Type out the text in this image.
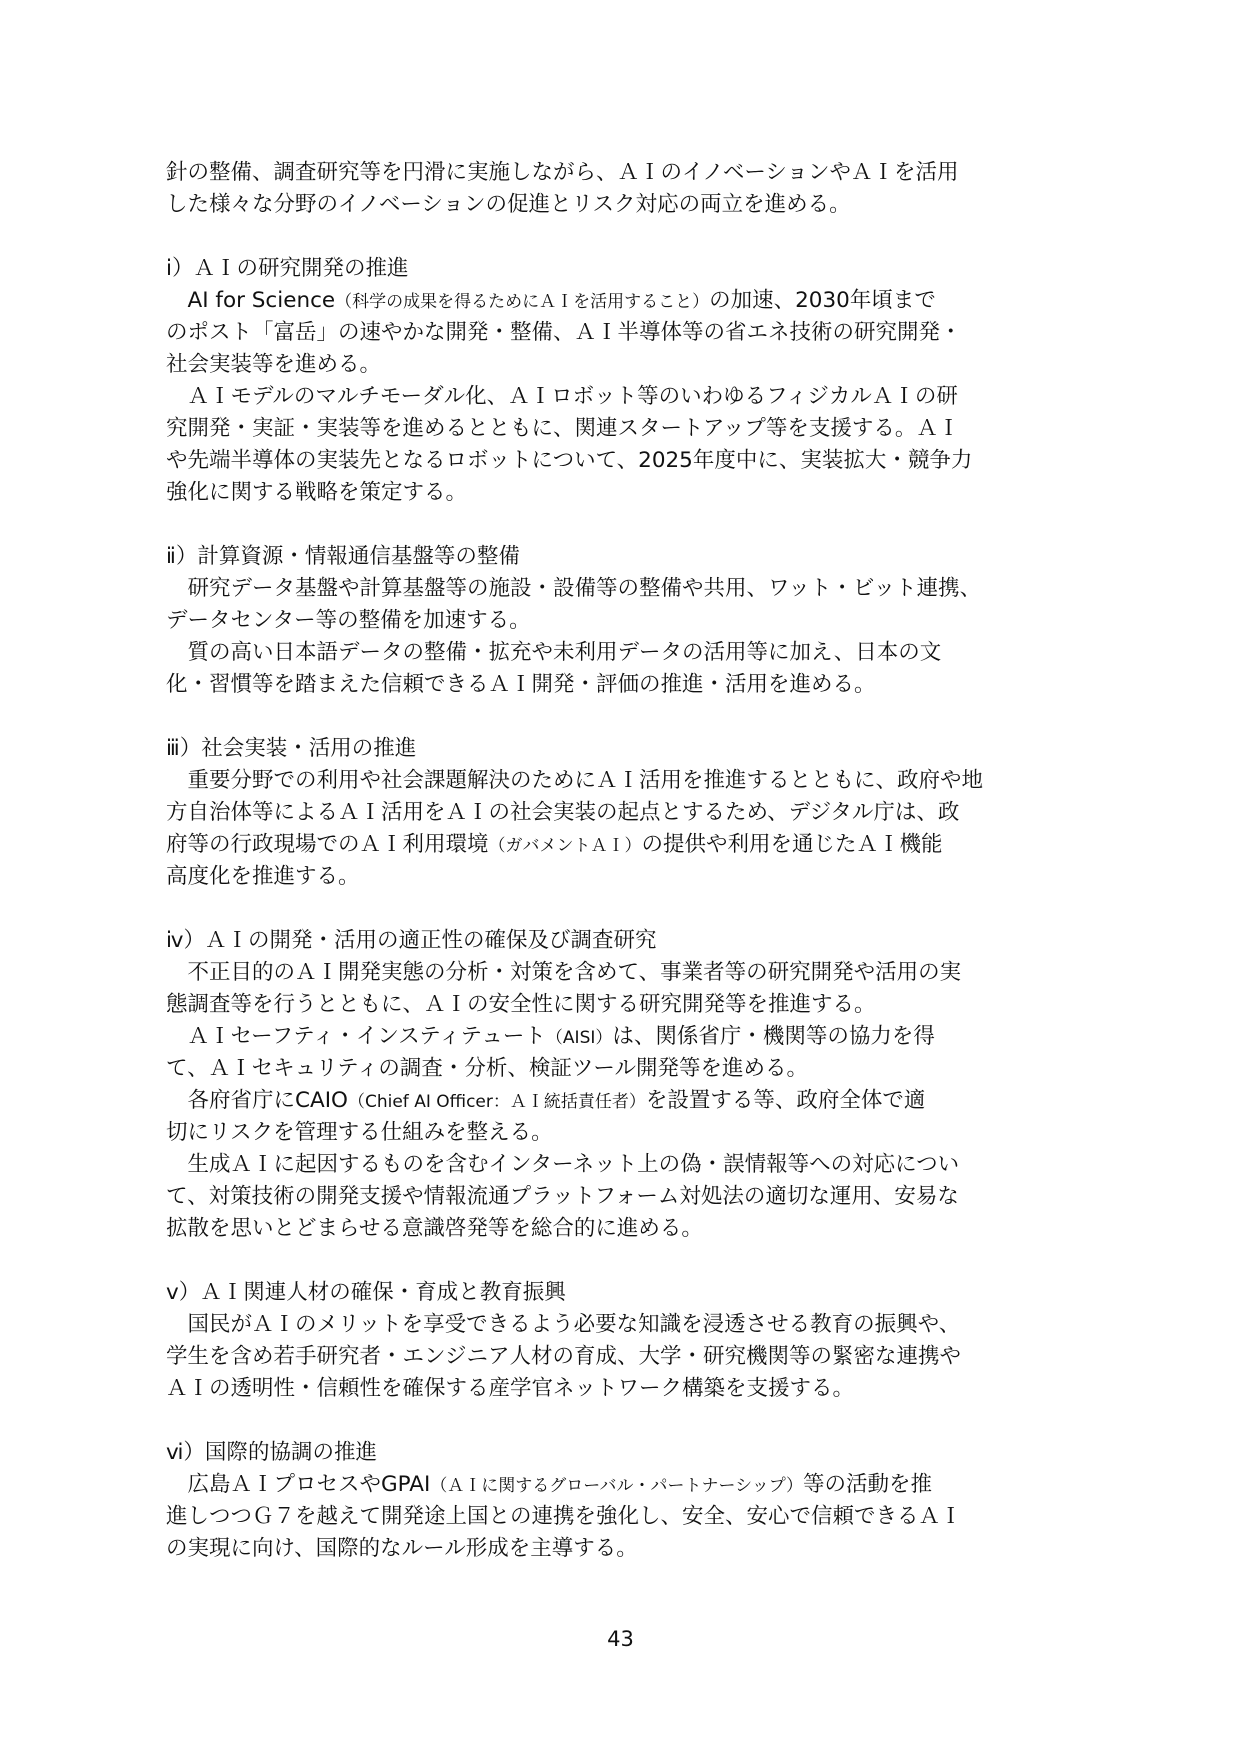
針の整備、調査研究等を円滑に実施しながら、ＡＩのイノベーションやＡＩを活用
した様々な分野のイノベーションの促進とリスク対応の両立を進める。
ⅰ）ＡＩの研究開発の推進
　AI for Science（科学の成果を得るためにＡＩを活用すること）の加速、2030年頃まで
のポスト「富岳」の速やかな開発・整備、ＡＩ半導体等の省エネ技術の研究開発・
社会実装等を進める。
　ＡＩモデルのマルチモーダル化、ＡＩロボット等のいわゆるフィジカルＡＩの研
究開発・実証・実装等を進めるとともに、関連スタートアップ等を支援する。ＡＩ
や先端半導体の実装先となるロボットについて、2025年度中に、実装拡大・競争力
強化に関する戦略を策定する。
ⅱ）計算資源・情報通信基盤等の整備
　研究データ基盤や計算基盤等の施設・設備等の整備や共用、ワット・ビット連携、
データセンター等の整備を加速する。
　質の高い日本語データの整備・拡充や未利用データの活用等に加え、日本の文
化・習慣等を踏まえた信頼できるＡＩ開発・評価の推進・活用を進める。
ⅲ）社会実装・活用の推進
　重要分野での利用や社会課題解決のためにＡＩ活用を推進するとともに、政府や地
方自治体等によるＡＩ活用をＡＩの社会実装の起点とするため、デジタル庁は、政
府等の行政現場でのＡＩ利用環境（ガバメントＡＩ）の提供や利用を通じたＡＩ機能
高度化を推進する。
ⅳ）ＡＩの開発・活用の適正性の確保及び調査研究
　不正目的のＡＩ開発実態の分析・対策を含めて、事業者等の研究開発や活用の実
態調査等を行うとともに、ＡＩの安全性に関する研究開発等を推進する。
　ＡＩセーフティ・インスティテュート（AISI）は、関係省庁・機関等の協力を得
て、ＡＩセキュリティの調査・分析、検証ツール開発等を進める。
　各府省庁にCAIO（Chief AI Officer：ＡＩ統括責任者）を設置する等、政府全体で適
切にリスクを管理する仕組みを整える。
　生成ＡＩに起因するものを含むインターネット上の偽・誤情報等への対応につい
て、対策技術の開発支援や情報流通プラットフォーム対処法の適切な運用、安易な
拡散を思いとどまらせる意識啓発等を総合的に進める。
ⅴ）ＡＩ関連人材の確保・育成と教育振興
　国民がＡＩのメリットを享受できるよう必要な知識を浸透させる教育の振興や、
学生を含め若手研究者・エンジニア人材の育成、大学・研究機関等の緊密な連携や
ＡＩの透明性・信頼性を確保する産学官ネットワーク構築を支援する。
ⅵ）国際的協調の推進
　広島ＡＩプロセスやGPAI（ＡＩに関するグローバル・パートナーシップ）等の活動を推
進しつつＧ７を越えて開発途上国との連携を強化し、安全、安心で信頼できるＡＩ
の実現に向け、国際的なルール形成を主導する。
43
